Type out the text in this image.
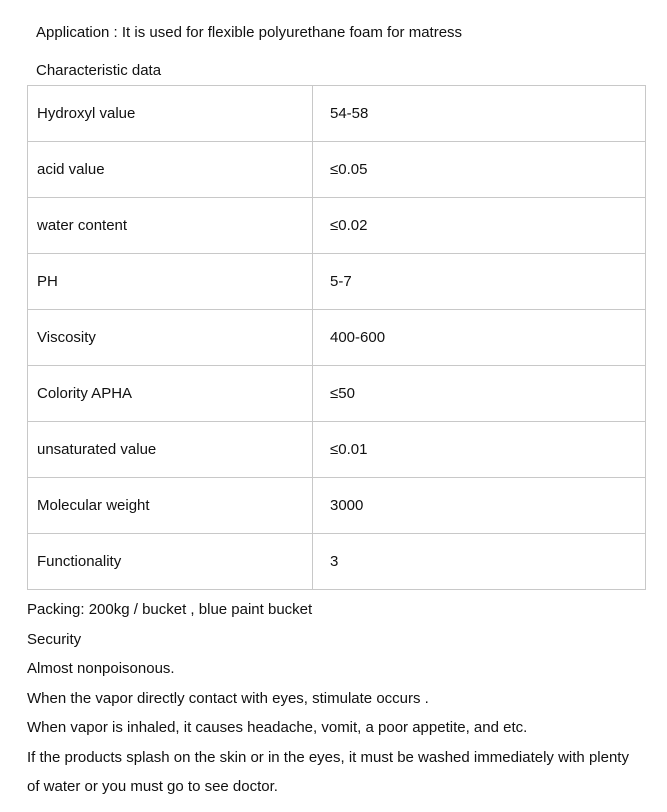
Application : It is used for flexible polyurethane foam for matress
Characteristic data
Hydroxyl value	54-58
acid value	≤0.05
water content	≤0.02
PH	5-7
Viscosity	400-600
Colority APHA	≤50
unsaturated value	≤0.01
Molecular weight	3000
Functionality	3
Packing: 200kg / bucket , blue paint bucket
Security
Almost nonpoisonous.
When the vapor directly contact with eyes, stimulate occurs .
When vapor is inhaled, it causes headache, vomit, a poor appetite, and etc.
If the products splash on the skin or in the eyes, it must be washed immediately with plenty
of water or you must go to see doctor.
